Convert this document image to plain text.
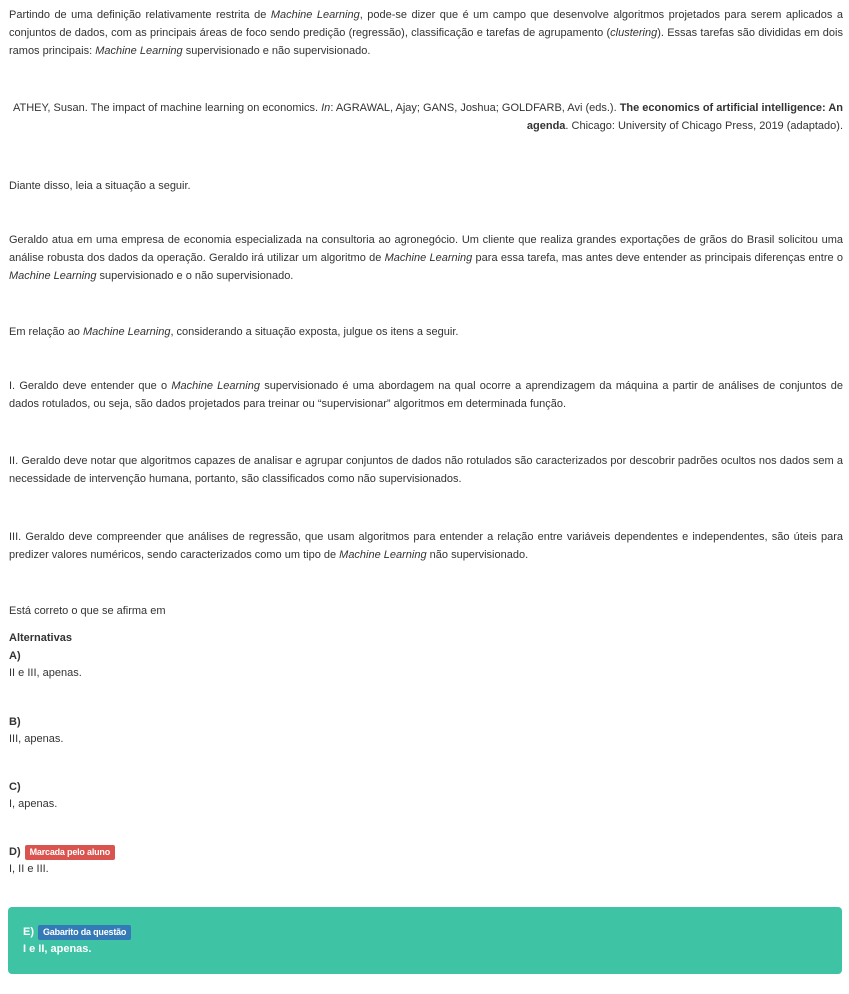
Partindo de uma definição relativamente restrita de Machine Learning, pode-se dizer que é um campo que desenvolve algoritmos projetados para serem aplicados a conjuntos de dados, com as principais áreas de foco sendo predição (regressão), classificação e tarefas de agrupamento (clustering). Essas tarefas são divididas em dois ramos principais: Machine Learning supervisionado e não supervisionado.

ATHEY, Susan. The impact of machine learning on economics. In: AGRAWAL, Ajay; GANS, Joshua; GOLDFARB, Avi (eds.). The economics of artificial intelligence: An agenda. Chicago: University of Chicago Press, 2019 (adaptado).

Diante disso, leia a situação a seguir.

Geraldo atua em uma empresa de economia especializada na consultoria ao agronegócio. Um cliente que realiza grandes exportações de grãos do Brasil solicitou uma análise robusta dos dados da operação. Geraldo irá utilizar um algoritmo de Machine Learning para essa tarefa, mas antes deve entender as principais diferenças entre o Machine Learning supervisionado e o não supervisionado.

Em relação ao Machine Learning, considerando a situação exposta, julgue os itens a seguir.

I. Geraldo deve entender que o Machine Learning supervisionado é uma abordagem na qual ocorre a aprendizagem da máquina a partir de análises de conjuntos de dados rotulados, ou seja, são dados projetados para treinar ou “supervisionar” algoritmos em determinada função.

II. Geraldo deve notar que algoritmos capazes de analisar e agrupar conjuntos de dados não rotulados são caracterizados por descobrir padrões ocultos nos dados sem a necessidade de intervenção humana, portanto, são classificados como não supervisionados.

III. Geraldo deve compreender que análises de regressão, que usam algoritmos para entender a relação entre variáveis dependentes e independentes, são úteis para predizer valores numéricos, sendo caracterizados como um tipo de Machine Learning não supervisionado.

Está correto o que se afirma em

Alternativas
A)
II e III, apenas.
B)
III, apenas.
C)
I, apenas.
D)	Marcada pelo aluno
I, II e III.
E)	Gabarito da questão
I e II, apenas.
